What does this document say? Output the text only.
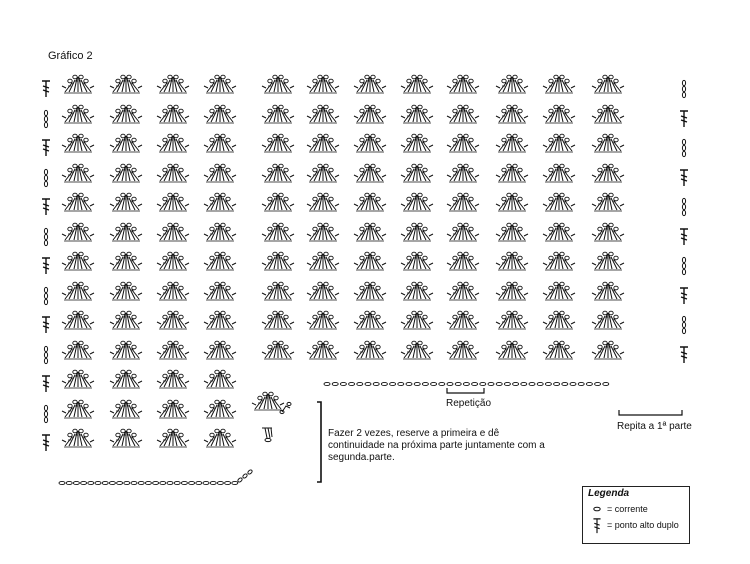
Gráfico 2
Repetição
Repita a 1ª parte
Fazer 2 vezes, reserve a primeira e dê continuidade na próxima parte juntamente com a segunda.parte.
Legenda
= corrente
= ponto alto duplo
